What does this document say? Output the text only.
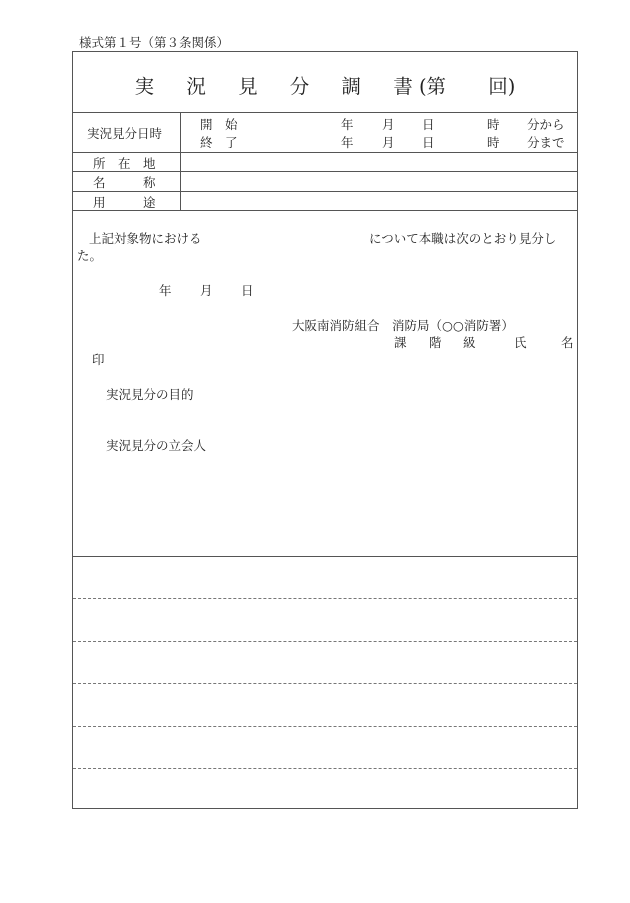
様式第１号（第３条関係）
実 況 見 分 調 書 (第 回)
実況見分日時
開　始	年 月 日	時 分から
終　了	年 月 日	時 分まで
所　在　地
名　　　称
用　　　途
上記対象物における	について本職は次のとおり見分し
た。
年 月 日
大阪南消防組合　消防局（○○消防署）
課 階 級	氏	名
印
実況見分の目的
実況見分の立会人
